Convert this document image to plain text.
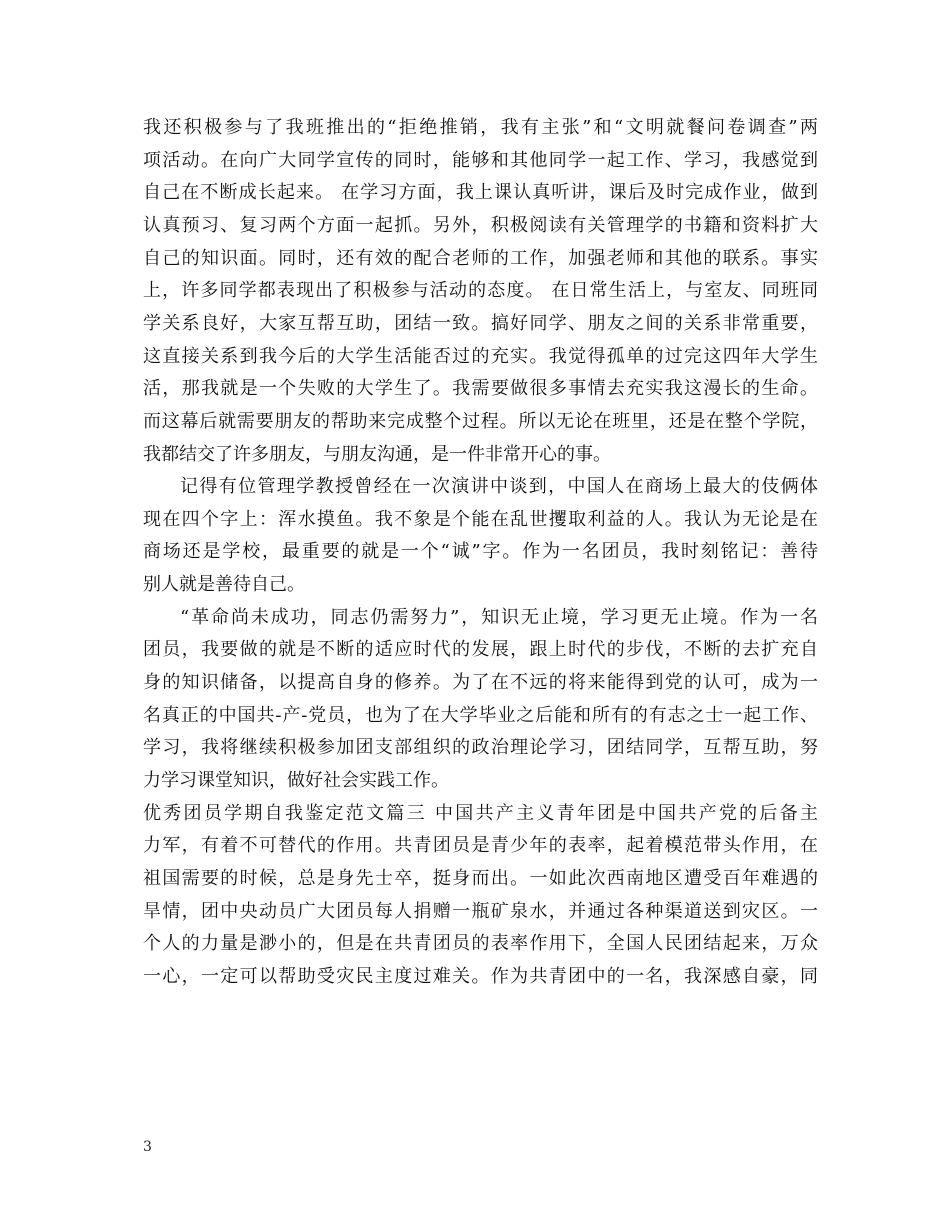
我还积极参与了我班推出的“拒绝推销，我有主张”和“文明就餐问卷调查”两
项活动。在向广大同学宣传的同时，能够和其他同学一起工作、学习，我感觉到
自己在不断成长起来。 在学习方面，我上课认真听讲，课后及时完成作业，做到
认真预习、复习两个方面一起抓。另外，积极阅读有关管理学的书籍和资料扩大
自己的知识面。同时，还有效的配合老师的工作，加强老师和其他的联系。事实
上，许多同学都表现出了积极参与活动的态度。 在日常生活上，与室友、同班同
学关系良好，大家互帮互助，团结一致。搞好同学、朋友之间的关系非常重要，
这直接关系到我今后的大学生活能否过的充实。我觉得孤单的过完这四年大学生
活，那我就是一个失败的大学生了。我需要做很多事情去充实我这漫长的生命。
而这幕后就需要朋友的帮助来完成整个过程。所以无论在班里，还是在整个学院，
我都结交了许多朋友，与朋友沟通，是一件非常开心的事。
记得有位管理学教授曾经在一次演讲中谈到，中国人在商场上最大的伎俩体
现在四个字上：浑水摸鱼。我不象是个能在乱世攫取利益的人。我认为无论是在
商场还是学校，最重要的就是一个“诚”字。作为一名团员，我时刻铭记：善待
别人就是善待自己。
“革命尚未成功，同志仍需努力”，知识无止境，学习更无止境。作为一名
团员，我要做的就是不断的适应时代的发展，跟上时代的步伐，不断的去扩充自
身的知识储备，以提高自身的修养。为了在不远的将来能得到党的认可，成为一
名真正的中国共-产-党员，也为了在大学毕业之后能和所有的有志之士一起工作、
学习，我将继续积极参加团支部组织的政治理论学习，团结同学，互帮互助，努
力学习课堂知识，做好社会实践工作。
优秀团员学期自我鉴定范文篇三 中国共产主义青年团是中国共产党的后备主
力军，有着不可替代的作用。共青团员是青少年的表率，起着模范带头作用，在
祖国需要的时候，总是身先士卒，挺身而出。一如此次西南地区遭受百年难遇的
旱情，团中央动员广大团员每人捐赠一瓶矿泉水，并通过各种渠道送到灾区。一
个人的力量是渺小的，但是在共青团员的表率作用下，全国人民团结起来，万众
一心，一定可以帮助受灾民主度过难关。作为共青团中的一名，我深感自豪，同
3
